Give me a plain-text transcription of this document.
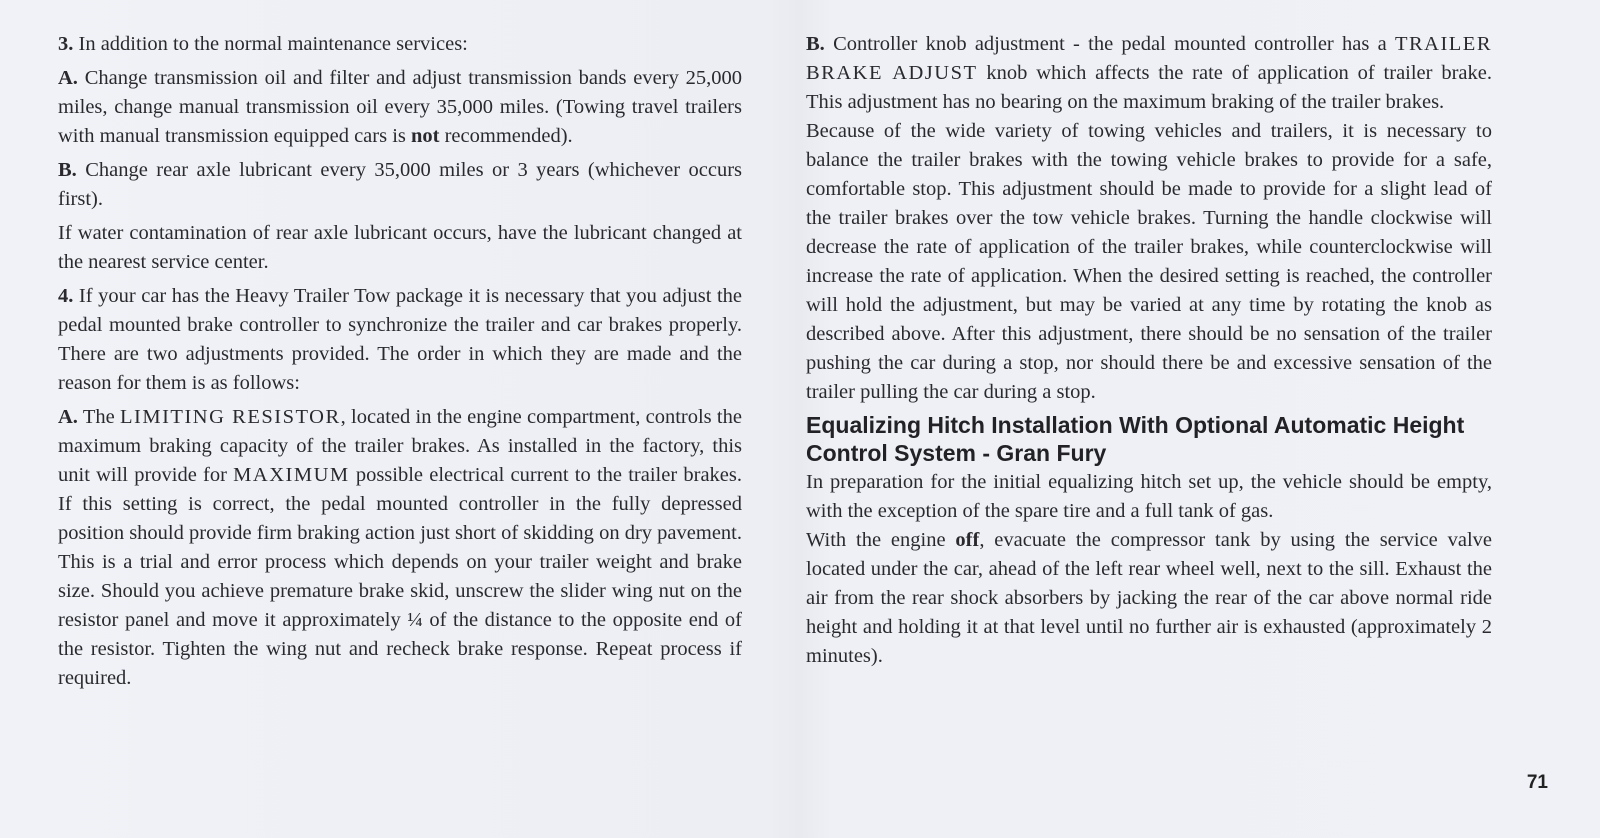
3. In addition to the normal maintenance services:

A. Change transmission oil and filter and adjust transmission bands every 25,000 miles, change manual transmission oil every 35,000 miles. (Towing travel trailers with manual transmission equipped cars is not recommended).

B. Change rear axle lubricant every 35,000 miles or 3 years (whichever occurs first).

If water contamination of rear axle lubricant occurs, have the lubricant changed at the nearest service center.

4. If your car has the Heavy Trailer Tow package it is necessary that you adjust the pedal mounted brake controller to synchronize the trailer and car brakes properly. There are two adjustments provided. The order in which they are made and the reason for them is as follows:

A. The LIMITING RESISTOR, located in the engine compartment, controls the maximum braking capacity of the trailer brakes. As installed in the factory, this unit will provide for MAXIMUM possible electrical current to the trailer brakes. If this setting is correct, the pedal mounted controller in the fully depressed position should provide firm braking action just short of skidding on dry pavement. This is a trial and error process which depends on your trailer weight and brake size. Should you achieve premature brake skid, unscrew the slider wing nut on the resistor panel and move it approximately ¼ of the distance to the opposite end of the resistor. Tighten the wing nut and recheck brake response. Repeat process if required.

B. Controller knob adjustment - the pedal mounted controller has a TRAILER BRAKE ADJUST knob which affects the rate of application of trailer brake. This adjustment has no bearing on the maximum braking of the trailer brakes.

Because of the wide variety of towing vehicles and trailers, it is necessary to balance the trailer brakes with the towing vehicle brakes to provide for a safe, comfortable stop. This adjustment should be made to provide for a slight lead of the trailer brakes over the tow vehicle brakes. Turning the handle clockwise will decrease the rate of application of the trailer brakes, while counterclockwise will increase the rate of application. When the desired setting is reached, the controller will hold the adjustment, but may be varied at any time by rotating the knob as described above. After this adjustment, there should be no sensation of the trailer pushing the car during a stop, nor should there be and excessive sensation of the trailer pulling the car during a stop.

Equalizing Hitch Installation With Optional Automatic Height Control System - Gran Fury

In preparation for the initial equalizing hitch set up, the vehicle should be empty, with the exception of the spare tire and a full tank of gas.

With the engine off, evacuate the compressor tank by using the service valve located under the car, ahead of the left rear wheel well, next to the sill. Exhaust the air from the rear shock absorbers by jacking the rear of the car above normal ride height and holding it at that level until no further air is exhausted (approximately 2 minutes).

71
